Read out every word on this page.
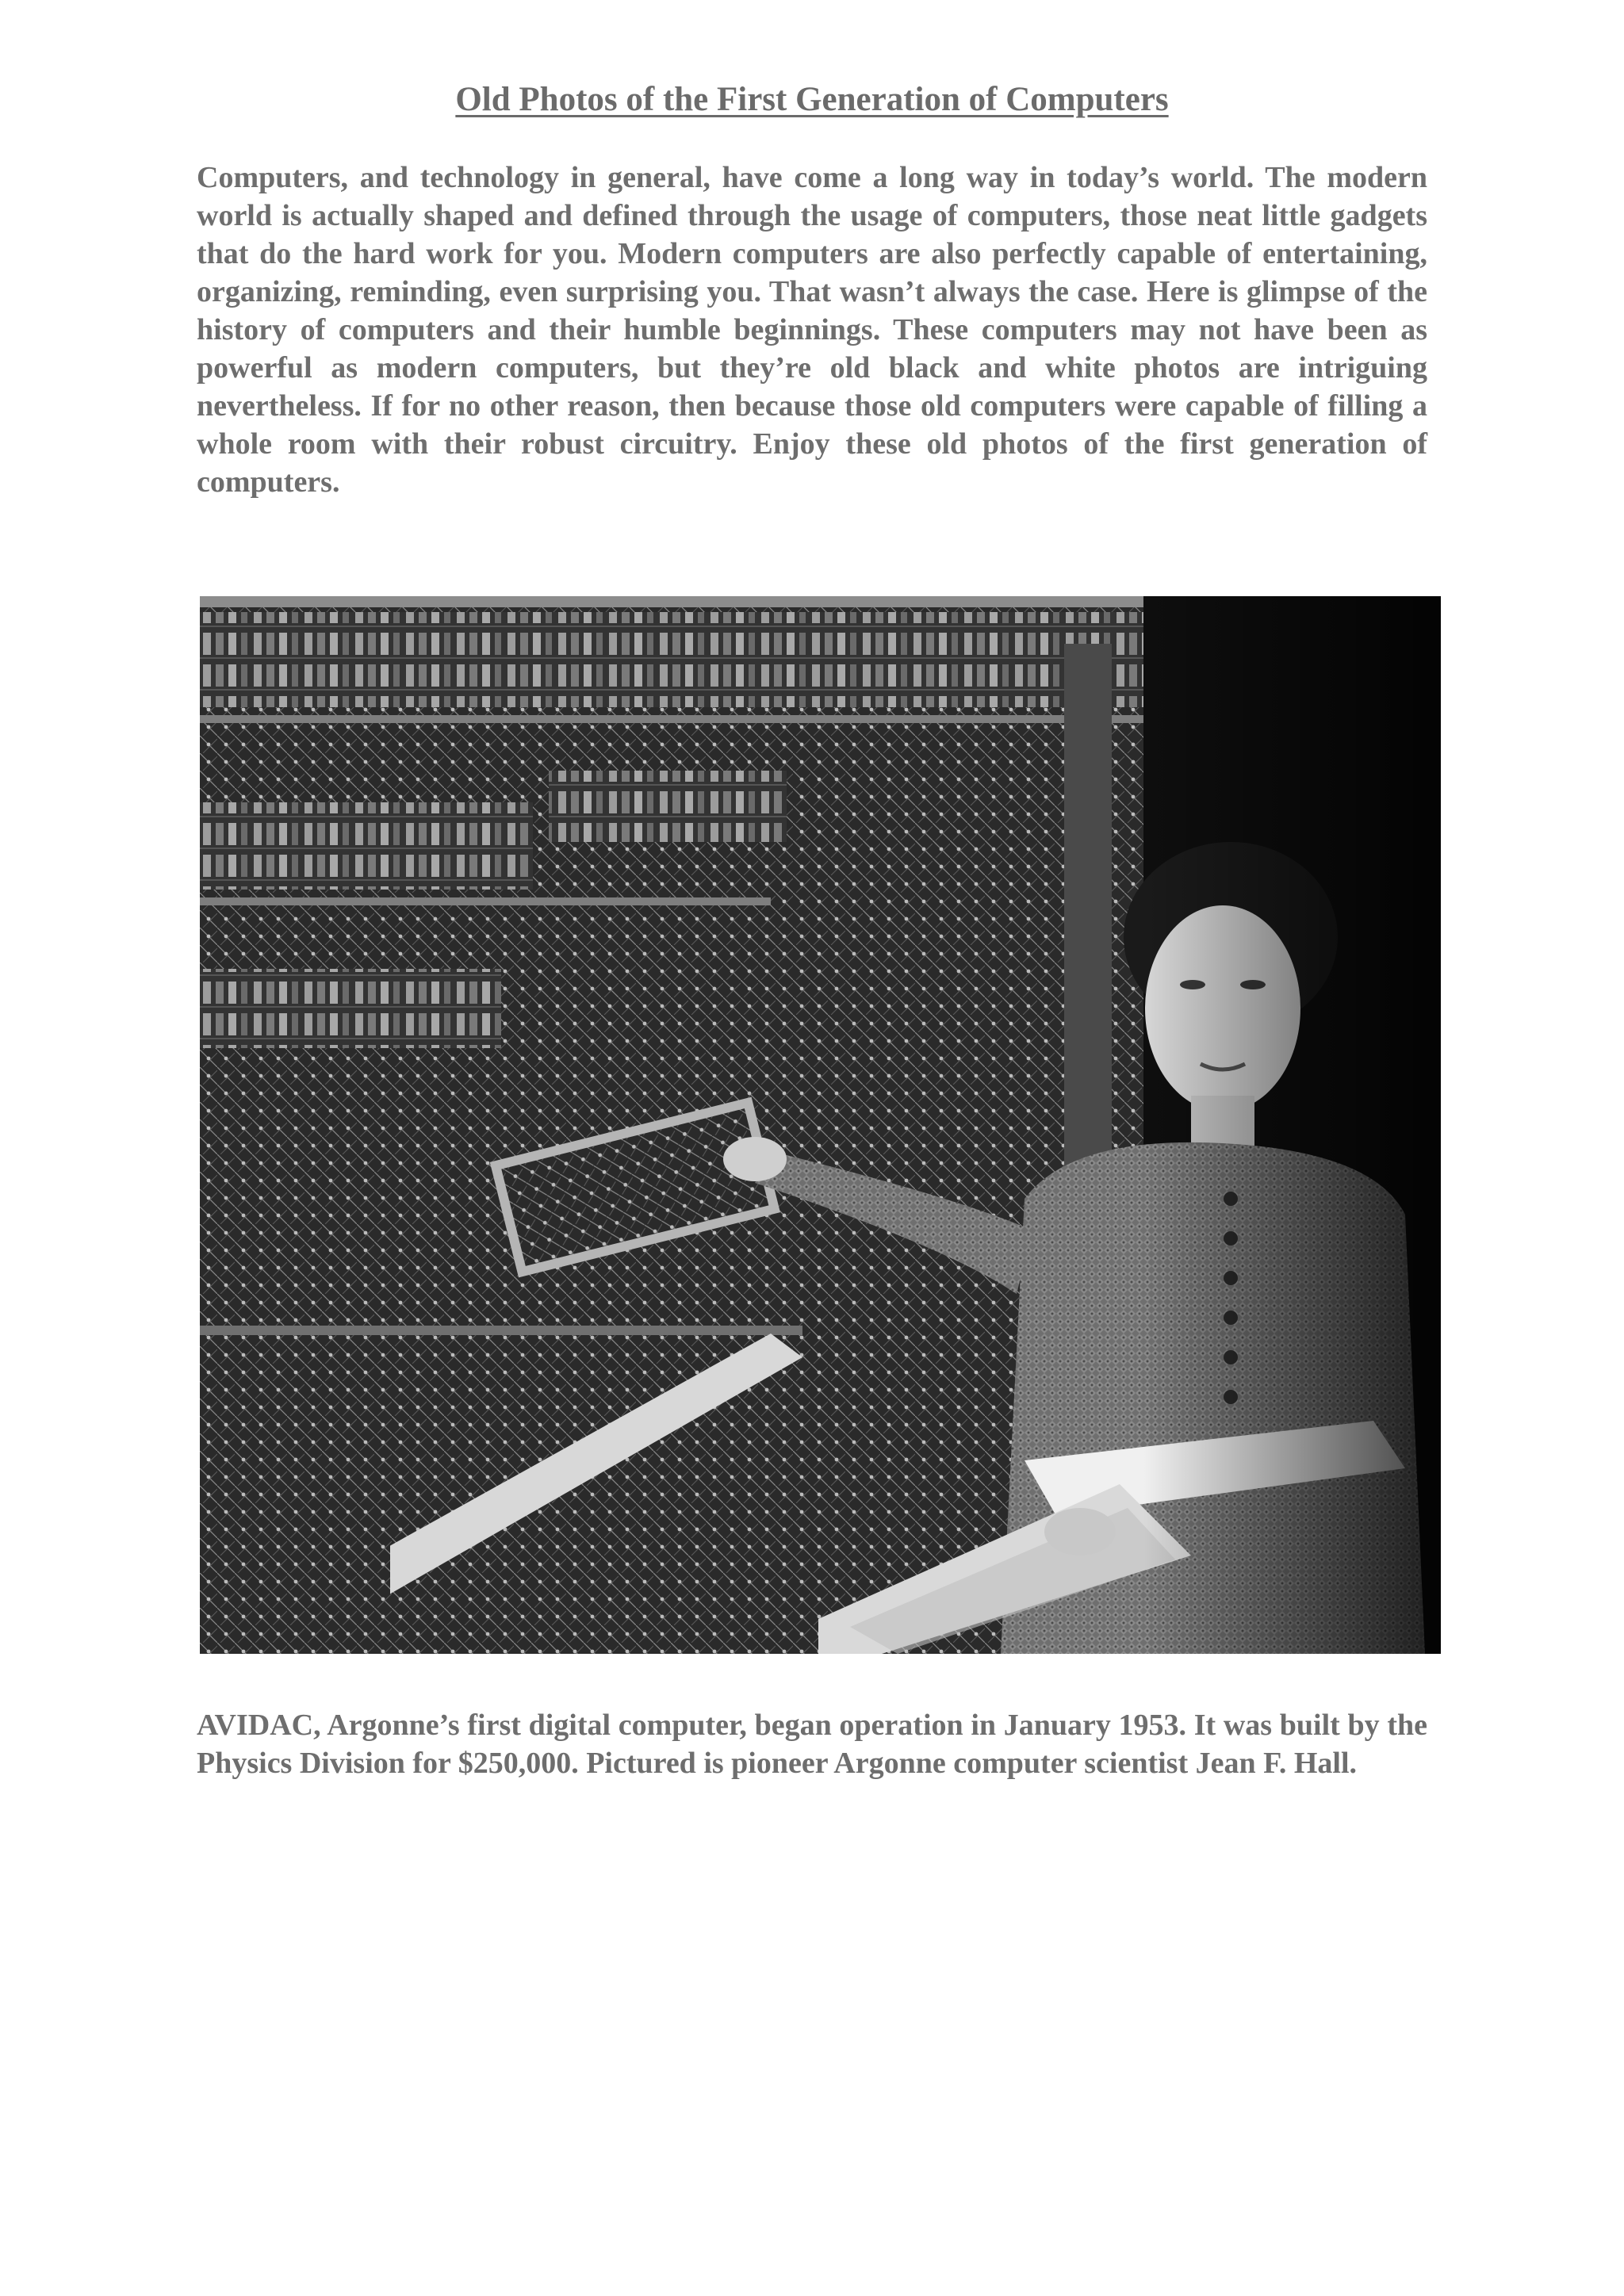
Old Photos of the First Generation of Computers

Computers, and technology in general, have come a long way in today’s world. The modern world is actually shaped and defined through the usage of computers, those neat little gadgets that do the hard work for you. Modern computers are also perfectly capable of entertaining, organizing, reminding, even surprising you. That wasn’t always the case. Here is glimpse of the history of computers and their humble beginnings. These computers may not have been as powerful as modern computers, but they’re old black and white photos are intriguing nevertheless. If for no other reason, then because those old computers were capable of filling a whole room with their robust circuitry. Enjoy these old photos of the first generation of computers.

AVIDAC, Argonne’s first digital computer, began operation in January 1953. It was built by the Physics Division for $250,000. Pictured is pioneer Argonne computer scientist Jean F. Hall.
